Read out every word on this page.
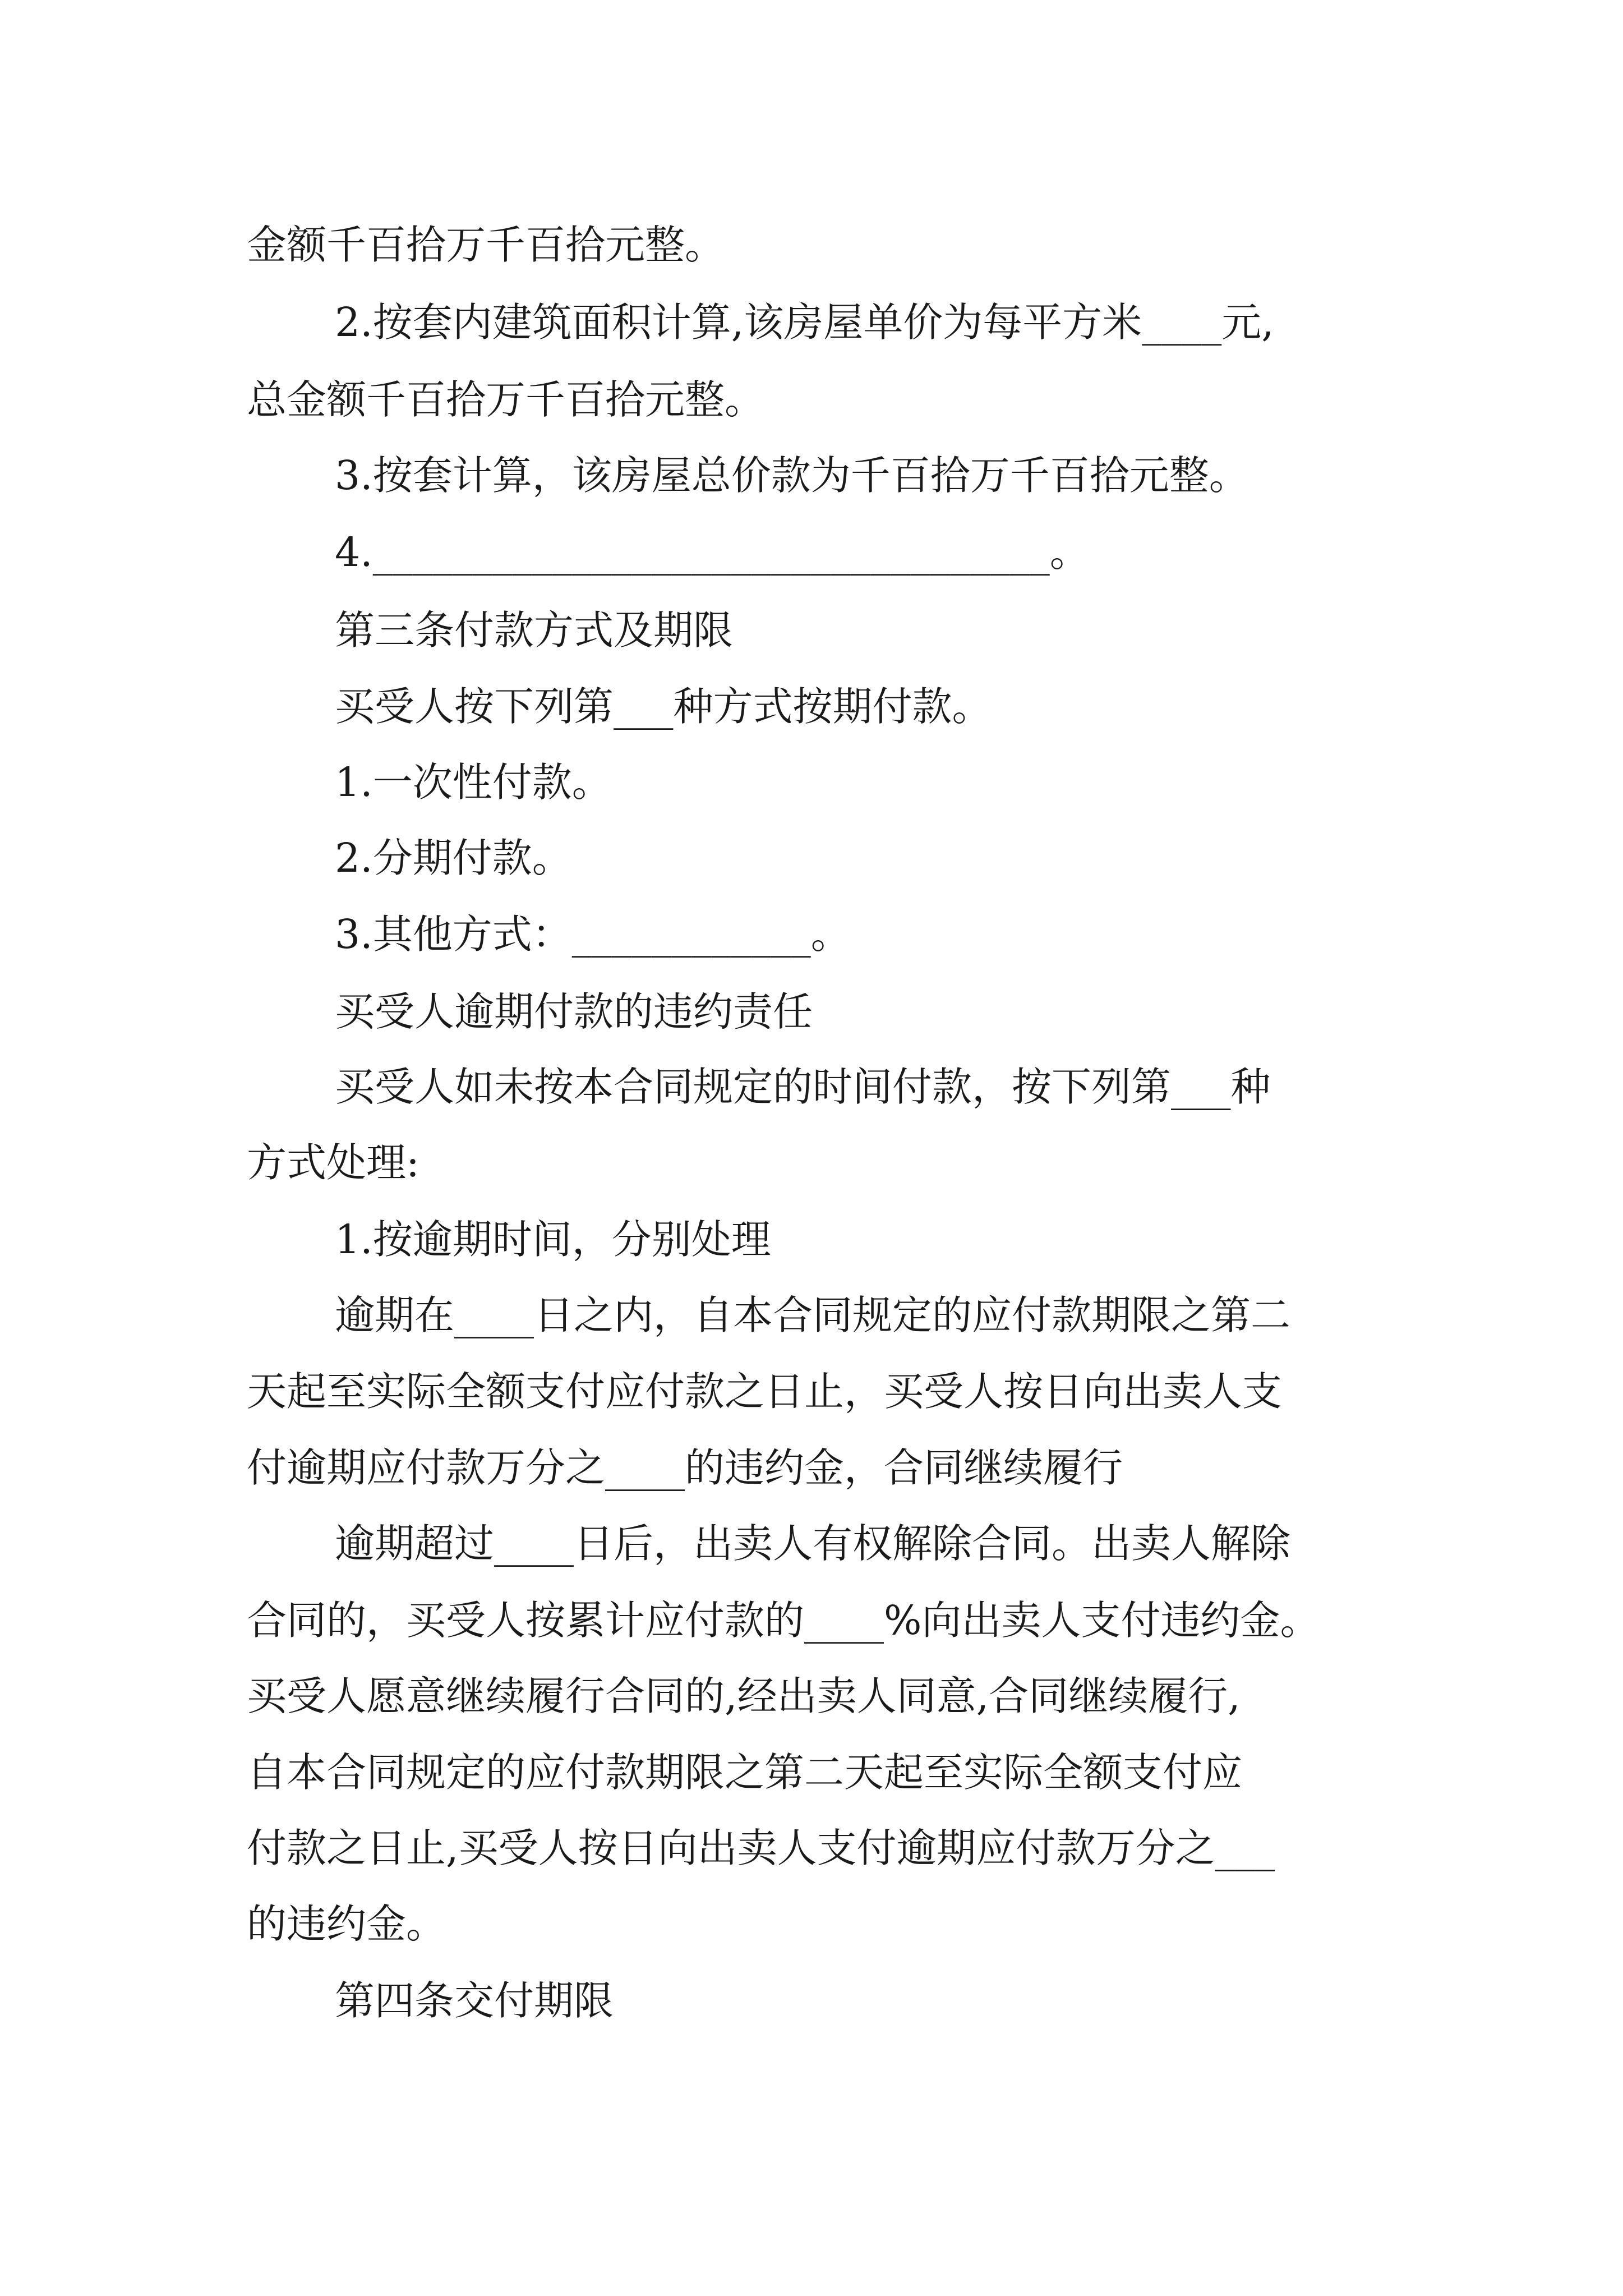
金额千百拾万千百拾元整。
2.按套内建筑面积计算,该房屋单价为每平方米____元,
总金额千百拾万千百拾元整。
3.按套计算，该房屋总价款为千百拾万千百拾元整。
4.__________________________________。
第三条付款方式及期限
买受人按下列第___种方式按期付款。
1.一次性付款。
2.分期付款。
3.其他方式：____________。
买受人逾期付款的违约责任
买受人如未按本合同规定的时间付款，按下列第___种
方式处理:
1.按逾期时间，分别处理
逾期在____日之内，自本合同规定的应付款期限之第二
天起至实际全额支付应付款之日止，买受人按日向出卖人支
付逾期应付款万分之____的违约金，合同继续履行
逾期超过____日后，出卖人有权解除合同。出卖人解除
合同的，买受人按累计应付款的____%向出卖人支付违约金。
买受人愿意继续履行合同的,经出卖人同意,合同继续履行,
自本合同规定的应付款期限之第二天起至实际全额支付应
付款之日止,买受人按日向出卖人支付逾期应付款万分之___
的违约金。
第四条交付期限
